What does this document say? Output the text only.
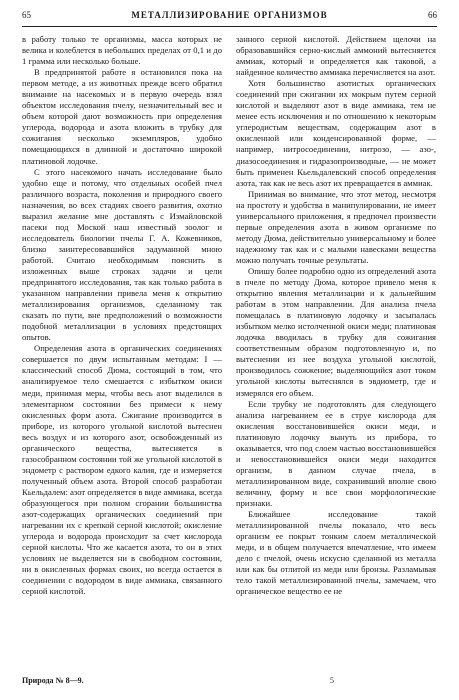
65	МЕТАЛЛИЗИРОВАНИЕ ОРГАНИЗМОВ	66

в работу только те организмы, масса которых не велика и колеблется в небольших пределах от 0,1 и до 1 грамма или несколько больше.

В предпринятой работе я остановился пока на первом методе, а из животных прежде всего обратил внимание на насекомых и в первую очередь взял объектом исследования пчелу, незначительный вес и объем которой дают возможность при определения углерода, водорода и азота вложить в трубку для сожигания несколько экземпляров, удобно помещающихся в длинной и достаточно широкой платиновой лодочке.

С этого насекомого начать исследование было удобно еще и потому, что отдельных особей пчел различного возраста, поколения и природного своего назначения, во всех стадиях своего развития, охотно выразил желание мне доставлять с Измайловской пасеки под Моской наш известный зоолог и исследователь биологии пчелы Г. А. Кожевников, близко заинтересовавшийся задуманной мною работой. Считаю необходимым пояснить в изложенных выше строках задачи и цели предпринятого исследования, так как только работа в указанном направлении привела меня к открытию металлизирования организмов, сделанному так сказать по пути, вне предположений о возможности подобной металлизации в условиях предстоящих опытов.

Определения азота в органических соединениях совершается по двум испытанным методам: I — классический способ Дюма, состоящий в том, что анализируемое тело смешается с избытком окиси меди, принимая меры, чтобы весь азот выделился в элементарном состоянии без примеси к нему окисленных форм азота. Сжигание производится в приборе, из которого угольной кислотой вытеснен весь воздух и из которого азот, освобожденный из органического вещества, вытесняется в газособранном состоянии той же угольной кислотой в эндометр с раствором едкого калия, где и измеряется полученный объем азота. Второй способ разработан Кьельдалем: азот определяется в виде аммиака, всегда образующегося при полном сгорании большинства азот-содержащих органических соединений при нагревании их с крепкой серной кислотой; окисление углерода и водорода происходит за счет кислорода серной кислоты. Что же касается азота, то он в этих условиях не выделяется ни в свободном состоянии, ни в окисленных формах своих, но всегда остается в соединении с водородом в виде аммиака, связанного серной кислотой.

занного серной кислотой. Действием щелочи на образовавшийся серно-кислый аммоний вытесняется аммиак, который и определяется как таковой, а найденное количество аммиака перечисляется на азот.

Хотя большинство азотистых органических соединений при сжигании их мокрым путем серной кислотой и выделяют азот в виде аммиака, тем не менее есть исключения и по отношению к некоторым углеродистым веществам, содержащим азот в окисленной или конденсированной форме, — например, нитросоединении, нитрозо, — азо-, диазосоединения и гидразопроизводные, — не может быть применен Кьельдалевский способ определения азота, так как не весь азот их превращается в аммиак.

Принимая во внимание, что этот метод, несмотря на простоту и удобства в манипулировании, не имеет универсального приложения, я предпочел произвести первые определения азота в живом организме по методу Дюма, действительно универсальному и более надежному так как и с малыми навесками вещества можно получать точные результаты.

Опишу более подробно одно из определений азота в пчеле по методу Дюма, которое привело меня к открытию явления металлизации и к дальнейшим работам в этом направлении. Для анализа пчела помещалась в платиновую лодочку и засыпалась избытком мелко истолченной окиси меди; платиновая лодочка вводилась в трубку для сожигания соответственным образом подготовленную и, по вытеснении из нее воздуха угольной кислотой, производилось сожжение; выделяющийся азот током угольной кислоты вытеснялся в эвдиометр, где и измерялся его объем.

Если трубку не подготовлять для следующего анализа нагреванием ее в струе кислорода для окисления восстановившейся окиси меди, и платиновую лодочку вынуть из прибора, то оказывается, что под слоем частью восстановившейся и невосстановившейся окиси меди находится организм, в данном случае пчела, в металлизированном виде, сохранивший вполне свою величину, форму и все свои морфологические признаки.

Ближайшее исследование такой металлизированной пчелы показало, что весь организм ее покрыт тонким слоем металлической меди, и в общем получается впечатление, что имеем дело с пчелой, очень искусно сделанной из металла или как бы отлитой из меди или бронзы. Разламывая тело такой металлизированной пчелы, замечаем, что органическое вещество ее не

Природа № 8—9.	5
